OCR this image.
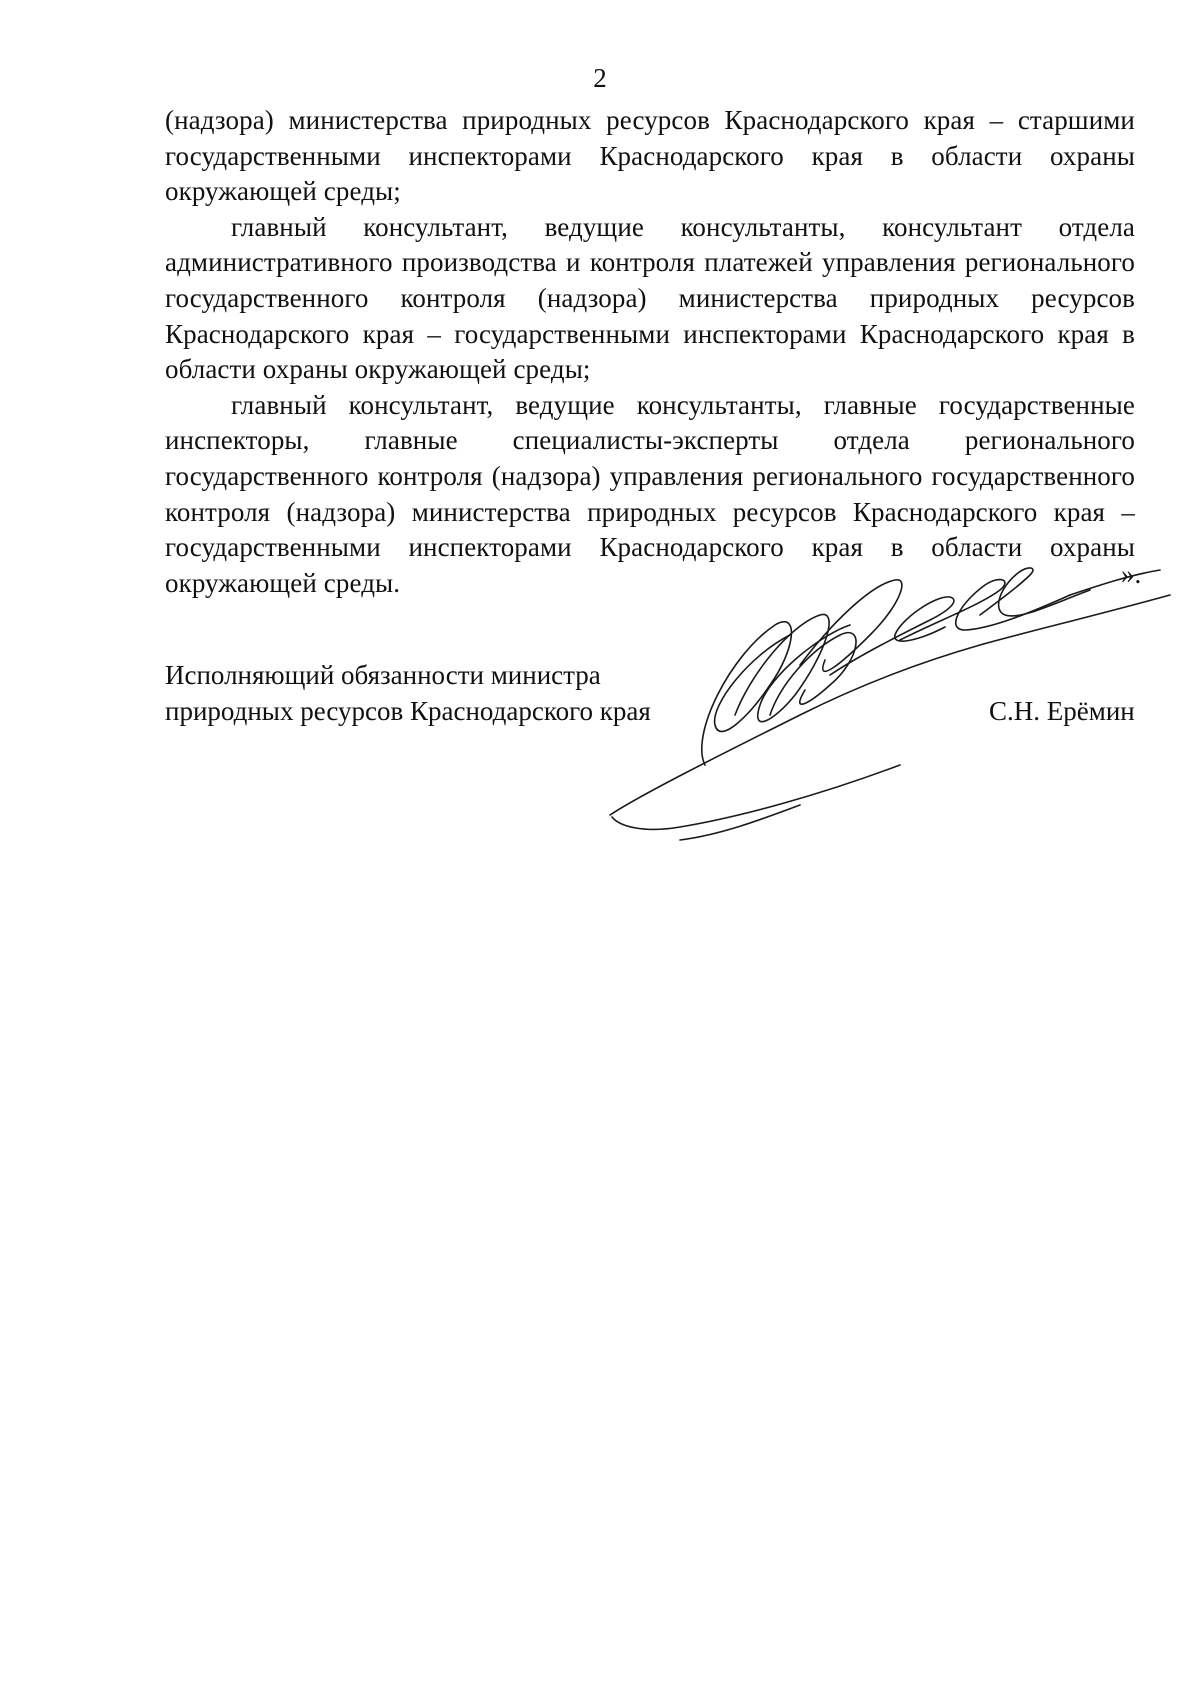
2

(надзора) министерства природных ресурсов Краснодарского края – старшими государственными инспекторами Краснодарского края в области охраны окружающей среды;

главный консультант, ведущие консультанты, консультант отдела административного производства и контроля платежей управления регионального государственного контроля (надзора) министерства природных ресурсов Краснодарского края – государственными инспекторами Краснодарского края в области охраны окружающей среды;

главный консультант, ведущие консультанты, главные государственные инспекторы, главные специалисты-эксперты отдела регионального государственного контроля (надзора) управления регионального государственного контроля (надзора) министерства природных ресурсов Краснодарского края – государственными инспекторами Краснодарского края в области охраны окружающей среды.	».
Исполняющий обязанности министра
природных ресурсов Краснодарского края	С.Н. Ерёмин
